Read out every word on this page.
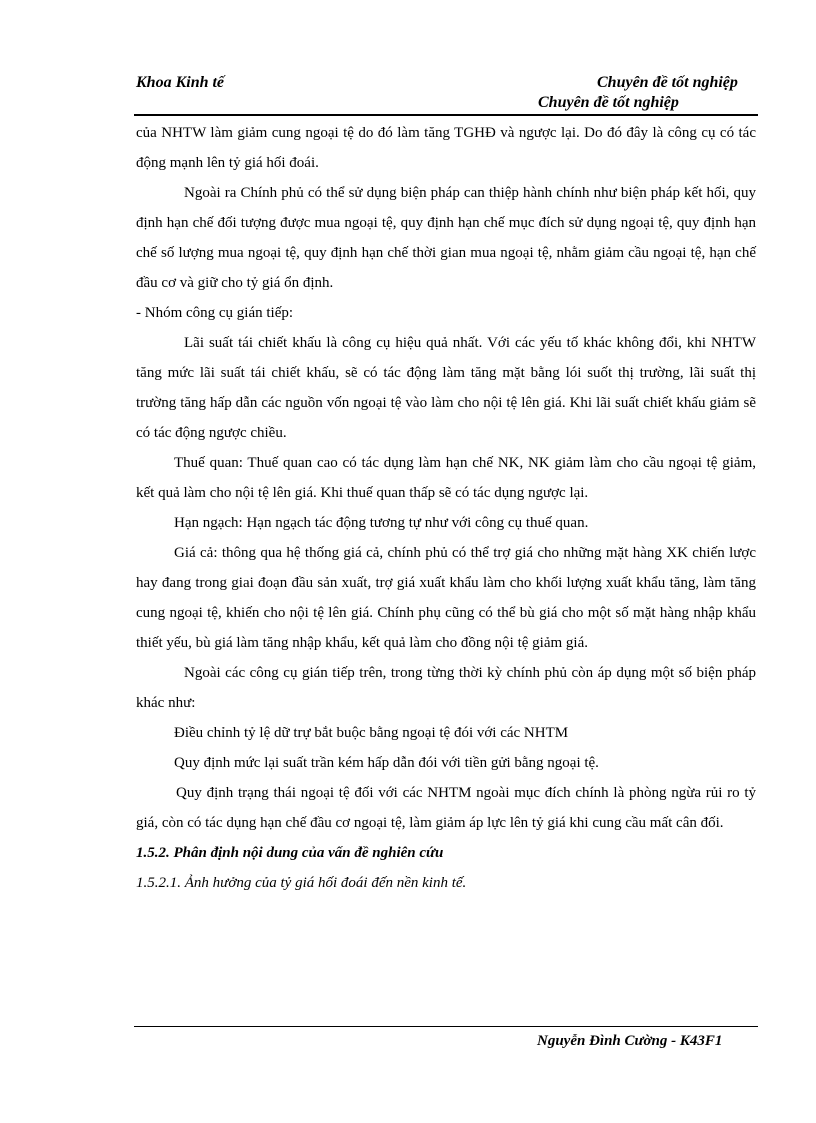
Khoa Kinh tế	Chuyên đề tốt nghiệp
Chuyên đề tốt nghiệp
của NHTW làm giảm cung ngoại tệ do đó làm tăng TGHĐ và ngược lại. Do đó đây là công cụ có tác động mạnh lên tỷ giá hối đoái.
Ngoài ra Chính phủ có thể sử dụng biện pháp can thiệp hành chính như biện pháp kết hối, quy định hạn chế đối tượng được mua ngoại tệ, quy định hạn chế mục đích sử dụng ngoại tệ, quy định hạn chế số lượng mua ngoại tệ, quy định hạn chế thời gian mua ngoại tệ, nhằm giảm cầu ngoại tệ, hạn chế đầu cơ và giữ cho tỷ giá ổn định.
- Nhóm công cụ gián tiếp:
Lãi suất tái chiết khấu là công cụ hiệu quả nhất. Với các yếu tố khác không đổi, khi NHTW tăng mức lãi suất tái chiết khấu, sẽ có tác động làm tăng mặt bằng lói suốt thị trường, lãi suất thị trường tăng hấp dẫn các nguồn vốn ngoại tệ vào làm cho nội tệ lên giá. Khi lãi suất chiết khấu giảm sẽ có tác động ngược chiều.
Thuế quan: Thuế quan cao có tác dụng làm hạn chế NK, NK giảm làm cho cầu ngoại tệ giảm, kết quả làm cho nội tệ lên giá. Khi thuế quan thấp sẽ có tác dụng ngược lại.
Hạn ngạch: Hạn ngạch tác động tương tự như với công cụ thuế quan.
Giá cả: thông qua hệ thống giá cả, chính phủ có thể trợ giá cho những mặt hàng XK chiến lược hay đang trong giai đoạn đầu sản xuất, trợ giá xuất khẩu làm cho khối lượng xuất khẩu tăng, làm tăng cung ngoại tệ, khiến cho nội tệ lên giá. Chính phụ cũng có thể bù giá cho một số mặt hàng nhập khẩu thiết yếu, bù giá làm tăng nhập khẩu, kết quả làm cho đồng nội tệ giảm giá.
Ngoài các công cụ gián tiếp trên, trong từng thời kỳ chính phủ còn áp dụng một số biện pháp khác như:
Điều chỉnh tỷ lệ dữ trự bắt buộc bằng ngoại tệ đói với các NHTM
Quy định mức lại suất trần kém hấp dẫn đói với tiền gửi bằng ngoại tệ.
Quy định trạng thái ngoại tệ đối với các NHTM ngoài mục đích chính là phòng ngừa rủi ro tỷ giá, còn có tác dụng hạn chế đầu cơ ngoại tệ, làm giảm áp lực lên tỷ giá khi cung cầu mất cân đối.
1.5.2. Phân định nội dung của vấn đề nghiên cứu
1.5.2.1. Ảnh hưởng của tỷ giá hối đoái đến nền kinh tế.
Nguyễn Đình Cường - K43F1
